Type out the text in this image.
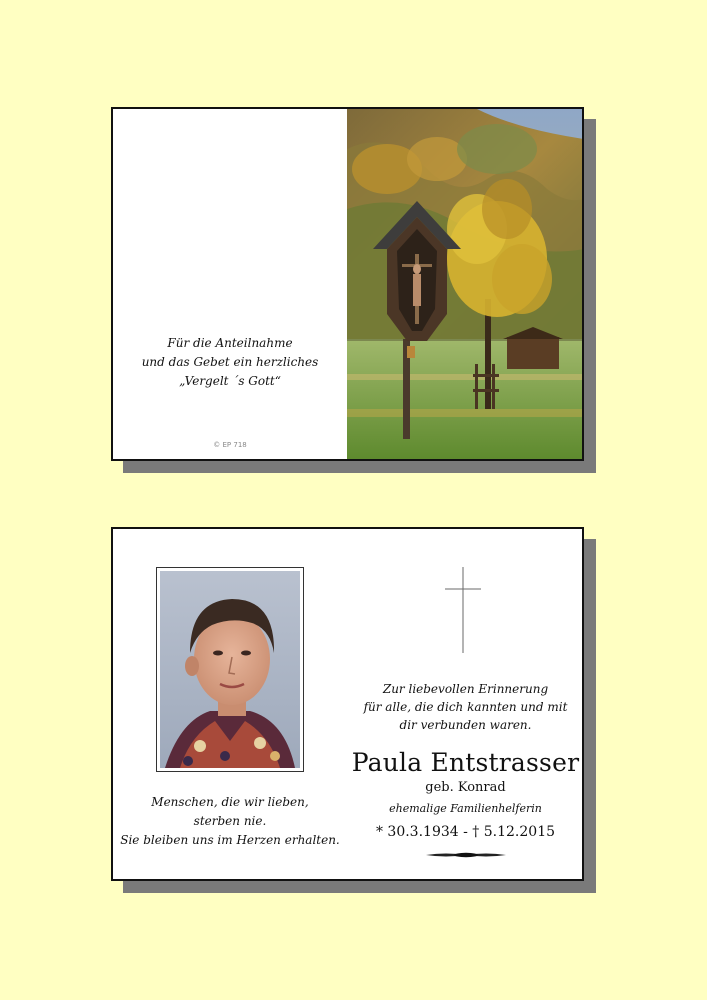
Für die Anteilnahme
und das Gebet ein herzliches
„Vergelt ´s Gott“
© EP 718
Menschen, die wir lieben,
sterben nie.
Sie bleiben uns im Herzen erhalten.
Zur liebevollen Erinnerung
für alle, die dich kannten und mit
dir verbunden waren.
Paula Entstrasser
geb. Konrad
ehemalige Familienhelferin
* 30.3.1934 - † 5.12.2015
